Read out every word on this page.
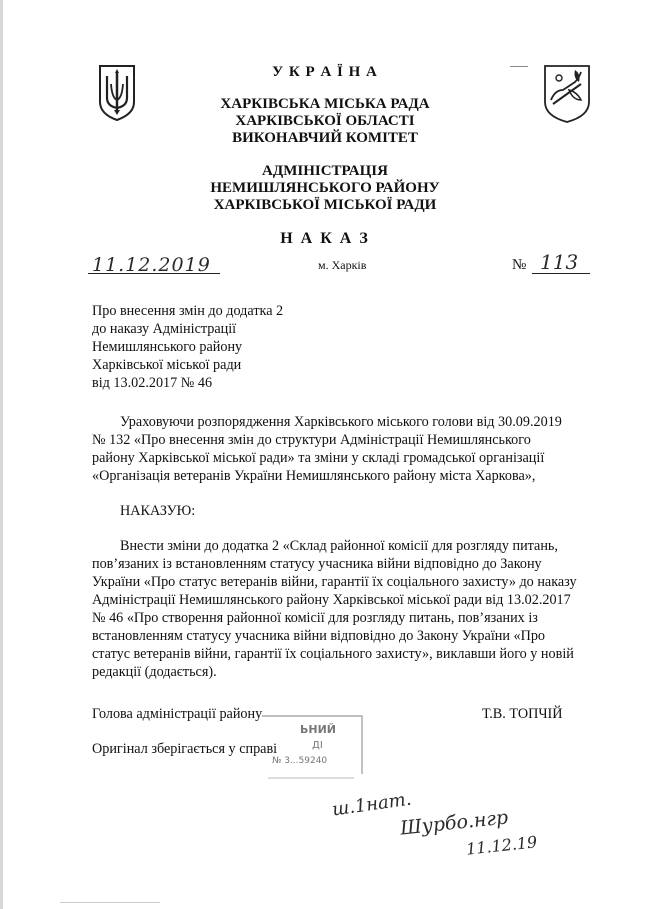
У К Р А Ї Н А
ХАРКІВСЬКА МІСЬКА РАДА
ХАРКІВСЬКОЇ ОБЛАСТІ
ВИКОНАВЧИЙ КОМІТЕТ
АДМІНІСТРАЦІЯ
НЕМИШЛЯНСЬКОГО РАЙОНУ
ХАРКІВСЬКОЇ МІСЬКОЇ РАДИ
Н А К А З
11.12.2019	м. Харків	№ 113
Про внесення змін до додатка 2
до наказу Адміністрації
Немишлянського району
Харківської міської ради
від 13.02.2017 № 46
Ураховуючи розпорядження Харківського міського голови від 30.09.2019
№ 132 «Про внесення змін до структури Адміністрації Немишлянського
району Харківської міської ради» та зміни у складі громадської організації
«Організація ветеранів України Немишлянського району міста Харкова»,
НАКАЗУЮ:
Внести зміни до додатка 2 «Склад районної комісії для розгляду питань,
пов’язаних із встановленням статусу учасника війни відповідно до Закону
України «Про статус ветеранів війни, гарантії їх соціального захисту» до наказу
Адміністрації Немишлянського району Харківської міської ради від 13.02.2017
№ 46 «Про створення районної комісії для розгляду питань, пов’язаних із
встановленням статусу учасника війни відповідно до Закону України «Про
статус ветеранів війни, гарантії їх соціального захисту», виклавши його у новій
редакції (додається).
Голова адміністрації району	Т.В. ТОПЧІЙ
Оригінал зберігається у справі
ЬНИЙ
ДІ
№ 3...59240
ш.1нат.
Шурбо.нгр
11.12.19
